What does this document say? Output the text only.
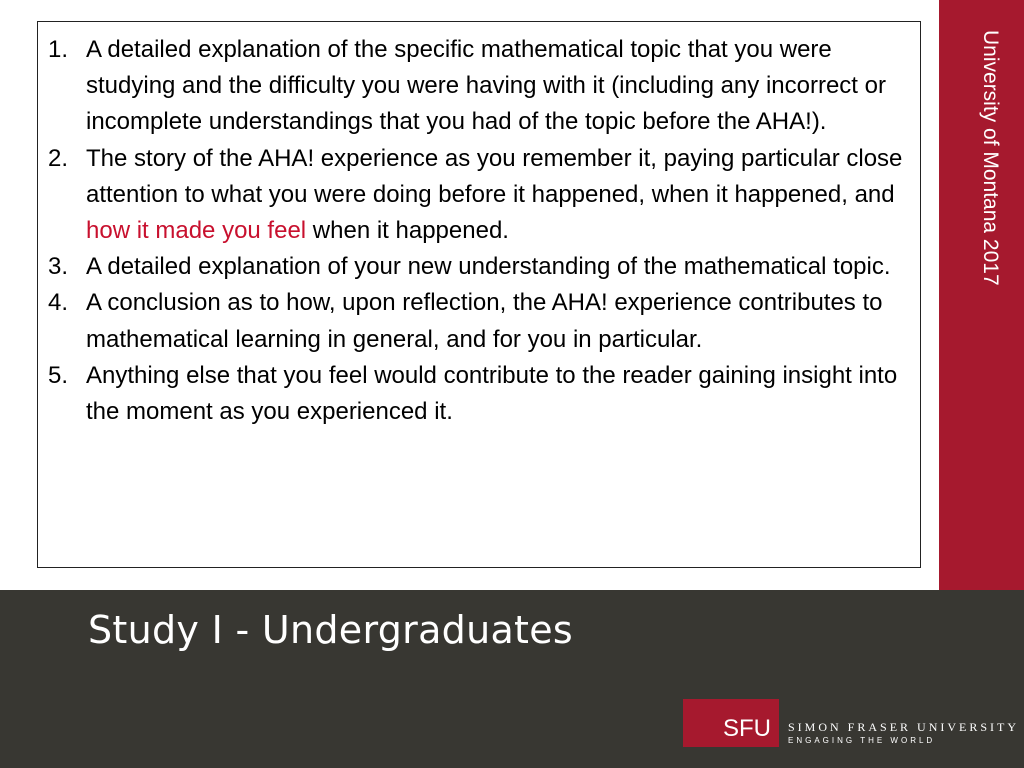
University of Montana 2017
1. A detailed explanation of the specific mathematical topic that you were studying and the difficulty you were having with it (including any incorrect or incomplete understandings that you had of the topic before the AHA!).
2. The story of the AHA! experience as you remember it, paying particular close attention to what you were doing before it happened, when it happened, and how it made you feel when it happened.
3. A detailed explanation of your new understanding of the mathematical topic.
4. A conclusion as to how, upon reflection, the AHA! experience contributes to mathematical learning in general, and for you in particular.
5. Anything else that you feel would contribute to the reader gaining insight into the moment as you experienced it.
Study I - Undergraduates
SFU SIMON FRASER UNIVERSITY
ENGAGING THE WORLD
